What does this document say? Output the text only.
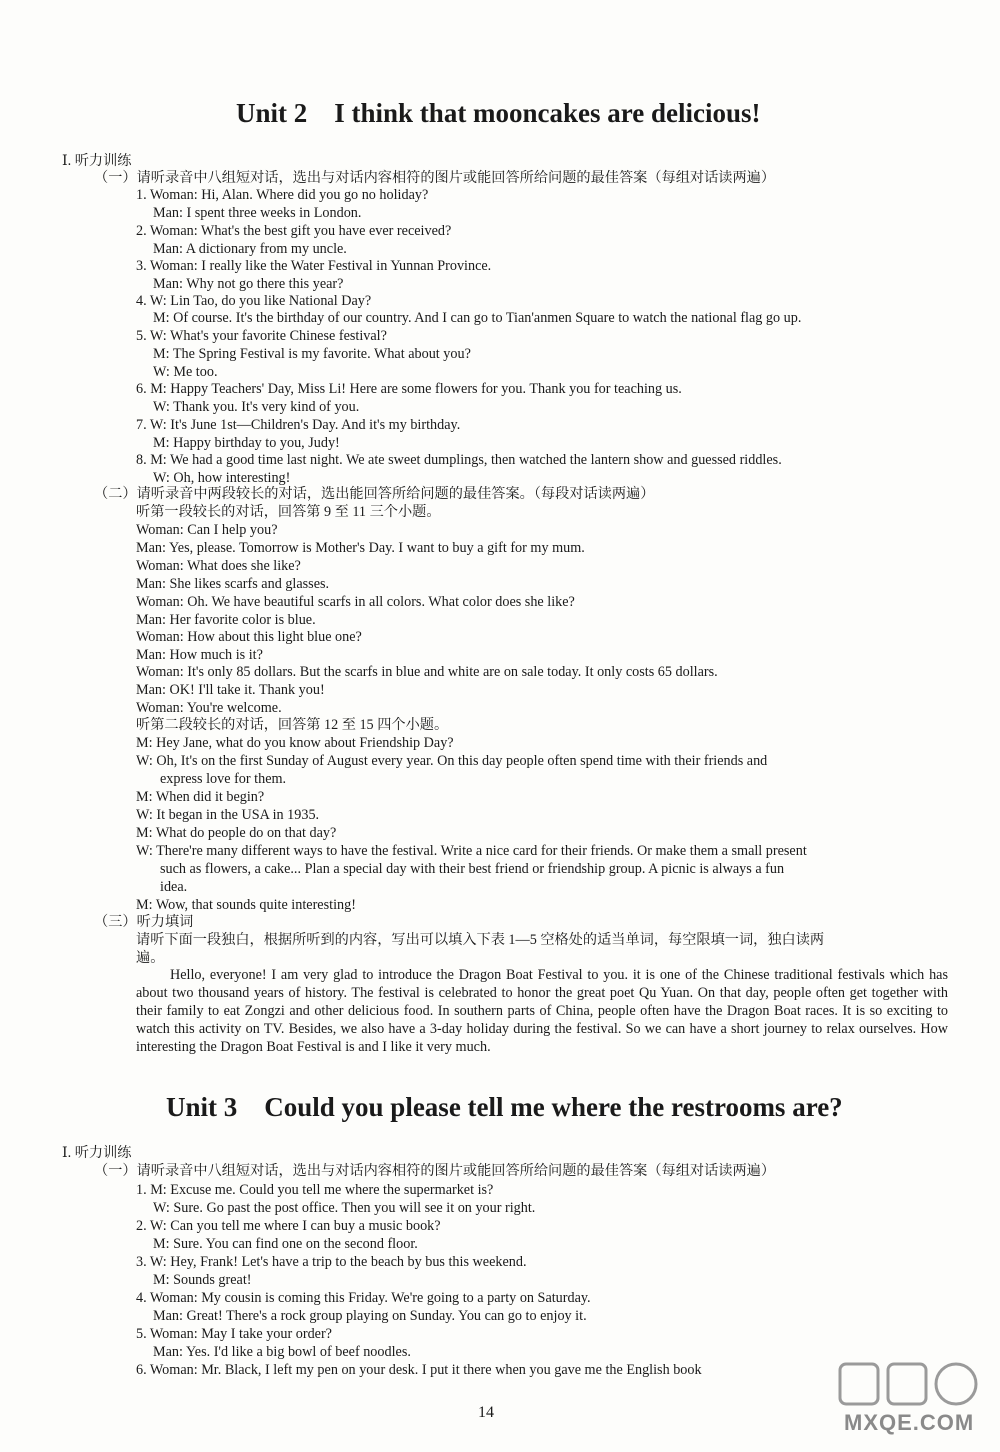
Unit 2    I think that mooncakes are delicious!
Ⅰ. 听力训练
（一）请听录音中八组短对话，选出与对话内容相符的图片或能回答所给问题的最佳答案（每组对话读两遍）
1. Woman: Hi, Alan. Where did you go no holiday?
Man: I spent three weeks in London.
2. Woman: What's the best gift you have ever received?
Man: A dictionary from my uncle.
3. Woman: I really like the Water Festival in Yunnan Province.
Man: Why not go there this year?
4. W: Lin Tao, do you like National Day?
M: Of course. It's the birthday of our country. And I can go to Tian'anmen Square to watch the national flag go up.
5. W: What's your favorite Chinese festival?
M: The Spring Festival is my favorite. What about you?
W: Me too.
6. M: Happy Teachers' Day, Miss Li! Here are some flowers for you. Thank you for teaching us.
W: Thank you. It's very kind of you.
7. W: It's June 1st—Children's Day. And it's my birthday.
M: Happy birthday to you, Judy!
8. M: We had a good time last night. We ate sweet dumplings, then watched the lantern show and guessed riddles.
W: Oh, how interesting!
（二）请听录音中两段较长的对话，选出能回答所给问题的最佳答案。（每段对话读两遍）
听第一段较长的对话，回答第 9 至 11 三个小题。
Woman: Can I help you?
Man: Yes, please. Tomorrow is Mother's Day. I want to buy a gift for my mum.
Woman: What does she like?
Man: She likes scarfs and glasses.
Woman: Oh. We have beautiful scarfs in all colors. What color does she like?
Man: Her favorite color is blue.
Woman: How about this light blue one?
Man: How much is it?
Woman: It's only 85 dollars. But the scarfs in blue and white are on sale today. It only costs 65 dollars.
Man: OK! I'll take it. Thank you!
Woman: You're welcome.
听第二段较长的对话，回答第 12 至 15 四个小题。
M: Hey Jane, what do you know about Friendship Day?
W: Oh, It's on the first Sunday of August every year. On this day people often spend time with their friends and
express love for them.
M: When did it begin?
W: It began in the USA in 1935.
M: What do people do on that day?
W: There're many different ways to have the festival. Write a nice card for their friends. Or make them a small present
such as flowers, a cake... Plan a special day with their best friend or friendship group. A picnic is always a fun
idea.
M: Wow, that sounds quite interesting!
（三）听力填词
请听下面一段独白，根据所听到的内容，写出可以填入下表 1—5 空格处的适当单词，每空限填一词，独白读两
遍。
Hello, everyone! I am very glad to introduce the Dragon Boat Festival to you. it is one of the Chinese traditional festivals which has about two thousand years of history. The festival is celebrated to honor the great poet Qu Yuan. On that day, people often get together with their family to eat Zongzi and other delicious food. In southern parts of China, people often have the Dragon Boat races. It is so exciting to watch this activity on TV. Besides, we also have a 3-day holiday during the festival. So we can have a short journey to relax ourselves. How interesting the Dragon Boat Festival is and I like it very much.
Unit 3    Could you please tell me where the restrooms are?
Ⅰ. 听力训练
（一）请听录音中八组短对话，选出与对话内容相符的图片或能回答所给问题的最佳答案（每组对话读两遍）
1. M: Excuse me. Could you tell me where the supermarket is?
W: Sure. Go past the post office. Then you will see it on your right.
2. W: Can you tell me where I can buy a music book?
M: Sure. You can find one on the second floor.
3. W: Hey, Frank! Let's have a trip to the beach by bus this weekend.
M: Sounds great!
4. Woman: My cousin is coming this Friday. We're going to a party on Saturday.
Man: Great! There's a rock group playing on Sunday. You can go to enjoy it.
5. Woman: May I take your order?
Man: Yes. I'd like a big bowl of beef noodles.
6. Woman: Mr. Black, I left my pen on your desk. I put it there when you gave me the English book
14	MXQE.COM
